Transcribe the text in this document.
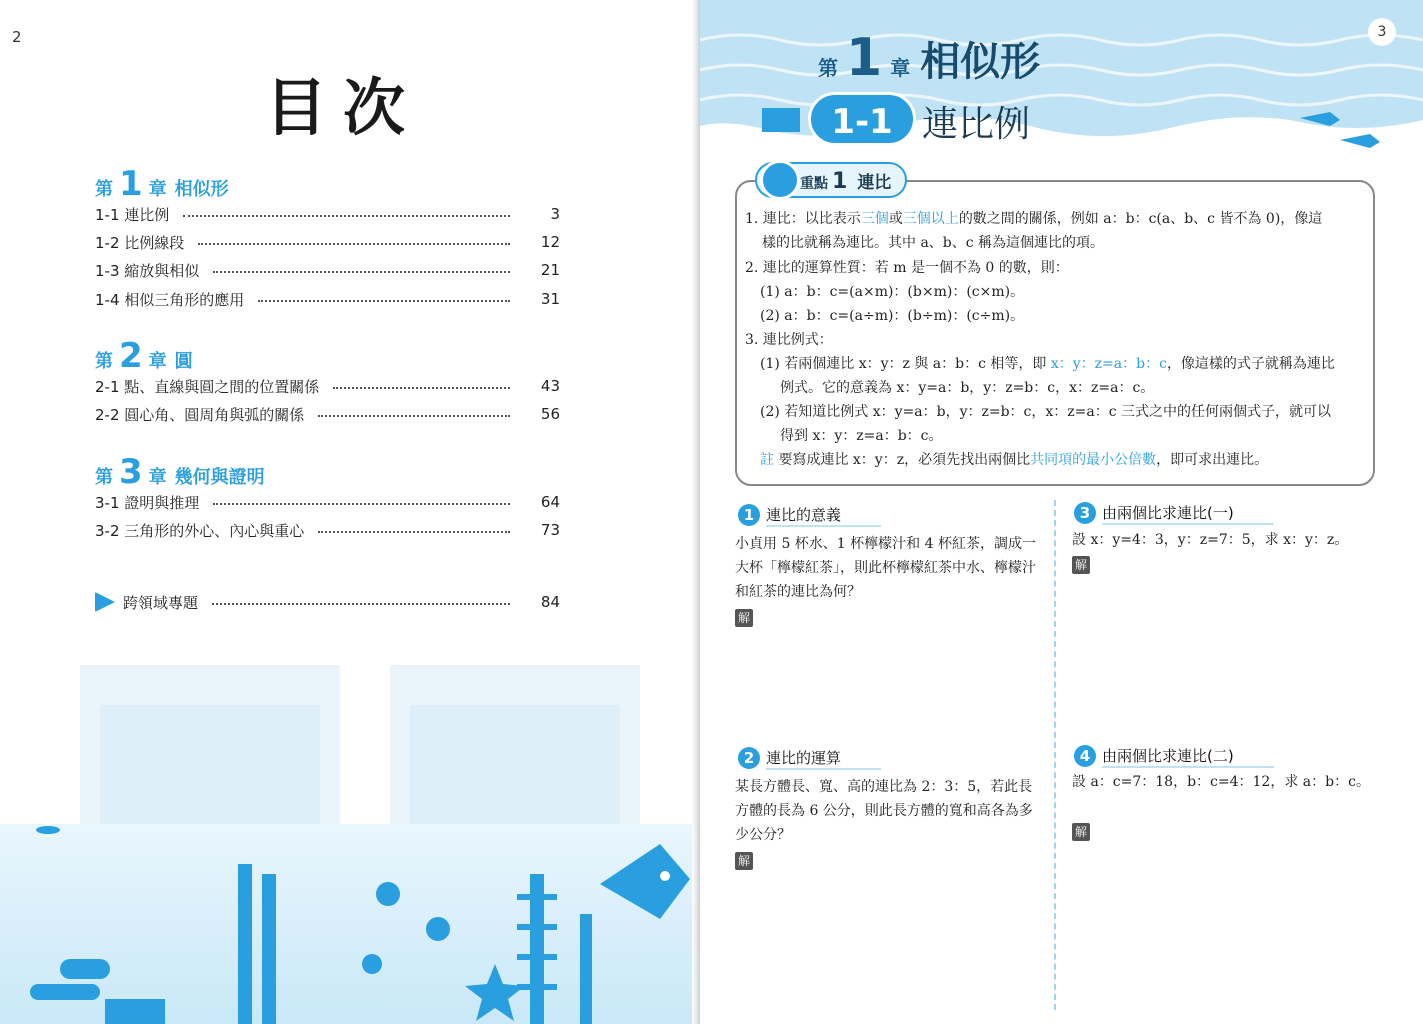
2
目次
第 1 章 相似形
1-1 連比例	3
1-2 比例線段	12
1-3 縮放與相似	21
1-4 相似三角形的應用	31
第 2 章 圓
2-1 點、直線與圓之間的位置關係	43
2-2 圓心角、圓周角與弧的關係	56
第 3 章 幾何與證明
3-1 證明與推理	64
3-2 三角形的外心、內心與重心	73
跨領域專題	84
3
第 1 章 相似形
1-1 連比例
重點 1 連比
1. 連比：以比表示三個或三個以上的數之間的關係，例如 a：b：c(a、b、c 皆不為 0)，像這
樣的比就稱為連比。其中 a、b、c 稱為這個連比的項。
2. 連比的運算性質：若 m 是一個不為 0 的數，則：
(1) a：b：c=(a×m)：(b×m)：(c×m)。
(2) a：b：c=(a÷m)：(b÷m)：(c÷m)。
3. 連比例式：
(1) 若兩個連比 x：y：z 與 a：b：c 相等，即 x：y：z=a：b：c，像這樣的式子就稱為連比
例式。它的意義為 x：y=a：b，y：z=b：c，x：z=a：c。
(2) 若知道比例式 x：y=a：b，y：z=b：c，x：z=a：c 三式之中的任何兩個式子，就可以
得到 x：y：z=a：b：c。
註 要寫成連比 x：y：z，必須先找出兩個比共同項的最小公倍數，即可求出連比。
1 連比的意義
小貞用 5 杯水、1 杯檸檬汁和 4 杯紅茶，調成一大杯「檸檬紅茶」，則此杯檸檬紅茶中水、檸檬汁和紅茶的連比為何？
解
2 連比的運算
某長方體長、寬、高的連比為 2：3：5，若此長方體的長為 6 公分，則此長方體的寬和高各為多少公分？
解
3 由兩個比求連比(一)
設 x：y=4：3，y：z=7：5，求 x：y：z。
解
4 由兩個比求連比(二)
設 a：c=7：18，b：c=4：12，求 a：b：c。
解
